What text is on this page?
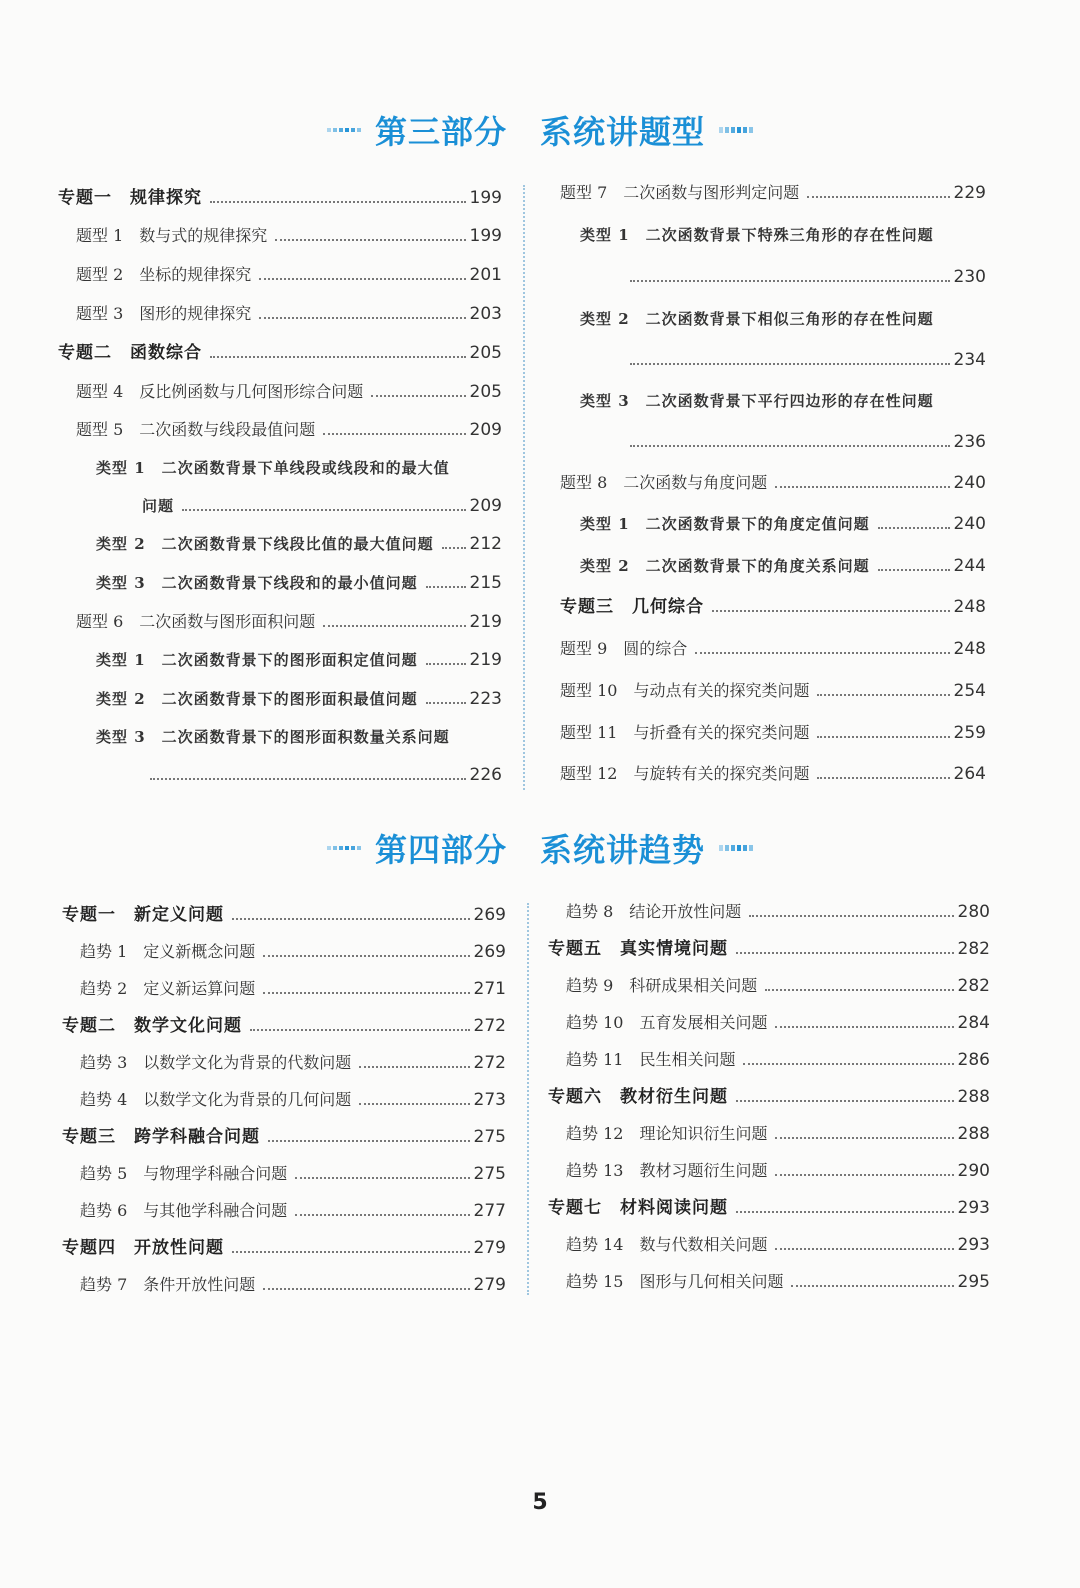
第三部分　系统讲题型
专题一　规律探究	199
题型 1　数与式的规律探究	199
题型 2　坐标的规律探究	201
题型 3　图形的规律探究	203
专题二　函数综合	205
题型 4　反比例函数与几何图形综合问题	205
题型 5　二次函数与线段最值问题	209
类型 1　二次函数背景下单线段或线段和的最大值
问题	209
类型 2　二次函数背景下线段比值的最大值问题 212
类型 3　二次函数背景下线段和的最小值问题	215
题型 6　二次函数与图形面积问题	219
类型 1　二次函数背景下的图形面积定值问题	219
类型 2　二次函数背景下的图形面积最值问题	223
类型 3　二次函数背景下的图形面积数量关系问题
226
题型 7　二次函数与图形判定问题	229
类型 1　二次函数背景下特殊三角形的存在性问题
230
类型 2　二次函数背景下相似三角形的存在性问题
234
类型 3　二次函数背景下平行四边形的存在性问题
236
题型 8　二次函数与角度问题	240
类型 1　二次函数背景下的角度定值问题	240
类型 2　二次函数背景下的角度关系问题	244
专题三　几何综合	248
题型 9　圆的综合	248
题型 10　与动点有关的探究类问题	254
题型 11　与折叠有关的探究类问题	259
题型 12　与旋转有关的探究类问题	264
第四部分　系统讲趋势
专题一　新定义问题	269
趋势 1　定义新概念问题	269
趋势 2　定义新运算问题	271
专题二　数学文化问题	272
趋势 3　以数学文化为背景的代数问题	272
趋势 4　以数学文化为背景的几何问题	273
专题三　跨学科融合问题	275
趋势 5　与物理学科融合问题	275
趋势 6　与其他学科融合问题	277
专题四　开放性问题	279
趋势 7　条件开放性问题	279
趋势 8　结论开放性问题	280
专题五　真实情境问题	282
趋势 9　科研成果相关问题	282
趋势 10　五育发展相关问题	284
趋势 11　民生相关问题	286
专题六　教材衍生问题	288
趋势 12　理论知识衍生问题	288
趋势 13　教材习题衍生问题	290
专题七　材料阅读问题	293
趋势 14　数与代数相关问题	293
趋势 15　图形与几何相关问题	295
5
